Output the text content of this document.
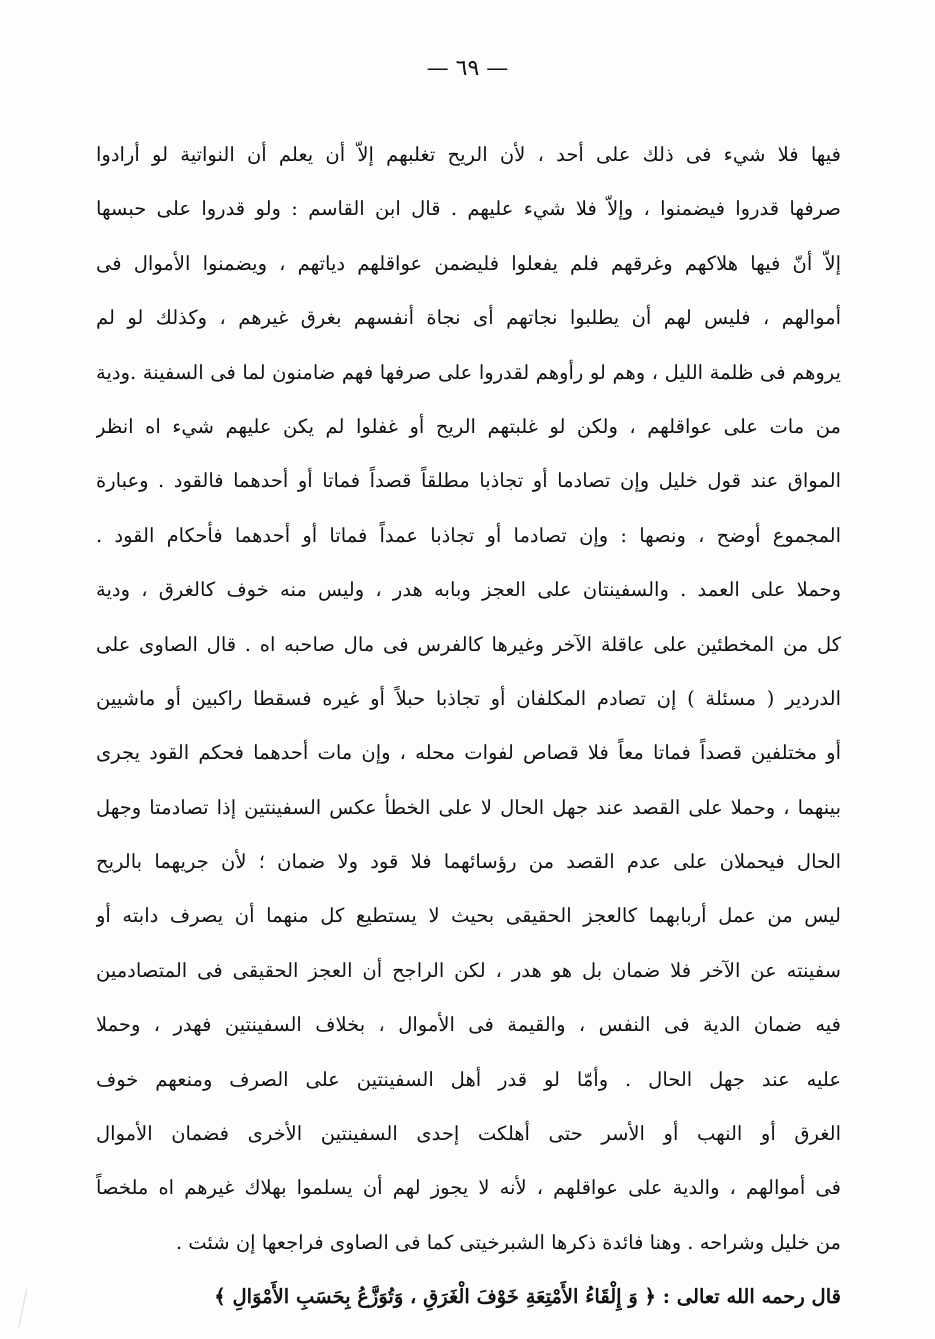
— ٦٩ —
فيها فلا شيء فى ذلك على أحد ، لأن الريح تغلبهم إلاّ أن يعلم أن النواتية لو أرادوا
صرفها قدروا فيضمنوا ، وإلاّ فلا شيء عليهم . قال ابن القاسم : ولو قدروا على حبسها
إلاّ أنّ فيها هلاكهم وغرقهم فلم يفعلوا فليضمن عواقلهم دياتهم ، ويضمنوا الأموال فى
أموالهم ، فليس لهم أن يطلبوا نجاتهم أى نجاة أنفسهم بغرق غيرهم ، وكذلك لو لم
يروهم فى ظلمة الليل ، وهم لو رأوهم لقدروا على صرفها فهم ضامنون لما فى السفينة .ودية
من مات على عواقلهم ، ولكن لو غلبتهم الريح أو غفلوا لم يكن عليهم شيء اه انظر
المواق عند قول خليل وإن تصادما أو تجاذبا مطلقاً قصداً فماتا أو أحدهما فالقود . وعبارة
المجموع أوضح ، ونصها : وإن تصادما أو تجاذبا عمداً فماتا أو أحدهما فأحكام القود .
وحملا على العمد . والسفينتان على العجز وبابه هدر ، وليس منه خوف كالغرق ، ودية
كل من المخطئين على عاقلة الآخر وغيرها كالفرس فى مال صاحبه اه . قال الصاوى على
الدردير ( مسئلة ) إن تصادم المكلفان أو تجاذبا حبلاً أو غيره فسقطا راكبين أو ماشيين
أو مختلفين قصداً فماتا معاً فلا قصاص لفوات محله ، وإن مات أحدهما فحكم القود يجرى
بينهما ، وحملا على القصد عند جهل الحال لا على الخطأ عكس السفينتين إذا تصادمتا وجهل
الحال فيحملان على عدم القصد من رؤسائهما فلا قود ولا ضمان ؛ لأن جريهما بالريح
ليس من عمل أربابهما كالعجز الحقيقى بحيث لا يستطيع كل منهما أن يصرف دابته أو
سفينته عن الآخر فلا ضمان بل هو هدر ، لكن الراجح أن العجز الحقيقى فى المتصادمين
فيه ضمان الدية فى النفس ، والقيمة فى الأموال ، بخلاف السفينتين فهدر ، وحملا
عليه عند جهل الحال . وأمّا لو قدر أهل السفينتين على الصرف ومنعهم خوف
الغرق أو النهب أو الأسر حتى أهلكت إحدى السفينتين الأخرى فضمان الأموال
فى أموالهم ، والدية على عواقلهم ، لأنه لا يجوز لهم أن يسلموا بهلاك غيرهم اه ملخصاً
من خليل وشراحه . وهنا فائدة ذكرها الشبرخيتى كما فى الصاوى فراجعها إن شئت .
قال رحمه الله تعالى : ﴿ وَ إِلْقَاءُ الأَمْتِعَةِ خَوْفَ الْغَرَقِ ، وَتُوَزَّعُ بِحَسَبِ الأَمْوَالِ ﴾
